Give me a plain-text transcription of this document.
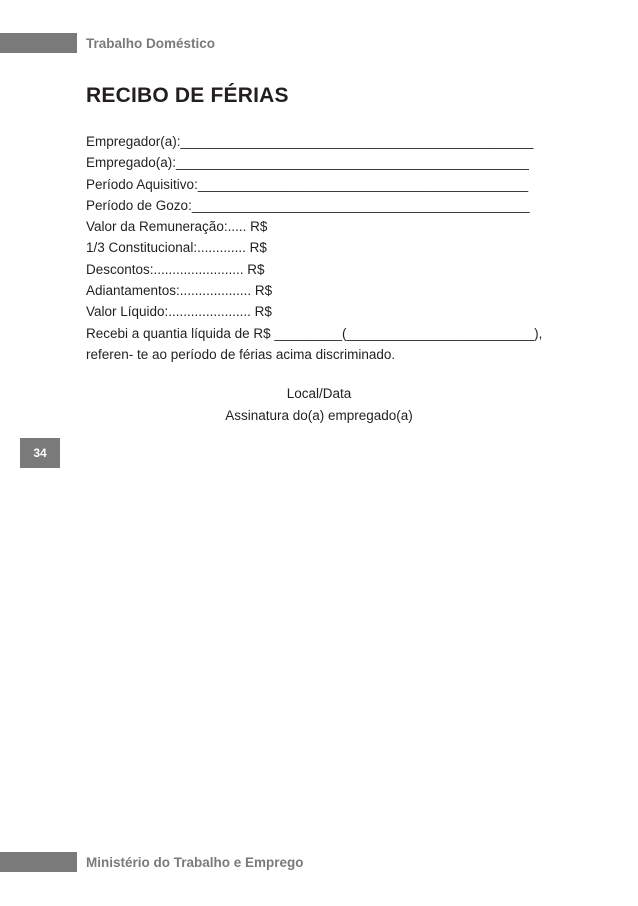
Trabalho Doméstico
RECIBO DE FÉRIAS
Empregador(a):_______________________________________________
Empregado(a):_______________________________________________
Período Aquisitivo:____________________________________________
Período de Gozo:_____________________________________________
Valor da Remuneração:..... R$
1/3 Constitucional:............. R$
Descontos:........................ R$
Adiantamentos:................... R$
Valor Líquido:...................... R$
Recebi a quantia líquida de R$ _________(_________________________), referen- te ao período de férias acima discriminado.
Local/Data
Assinatura do(a) empregado(a)
34
Ministério do Trabalho e Emprego
